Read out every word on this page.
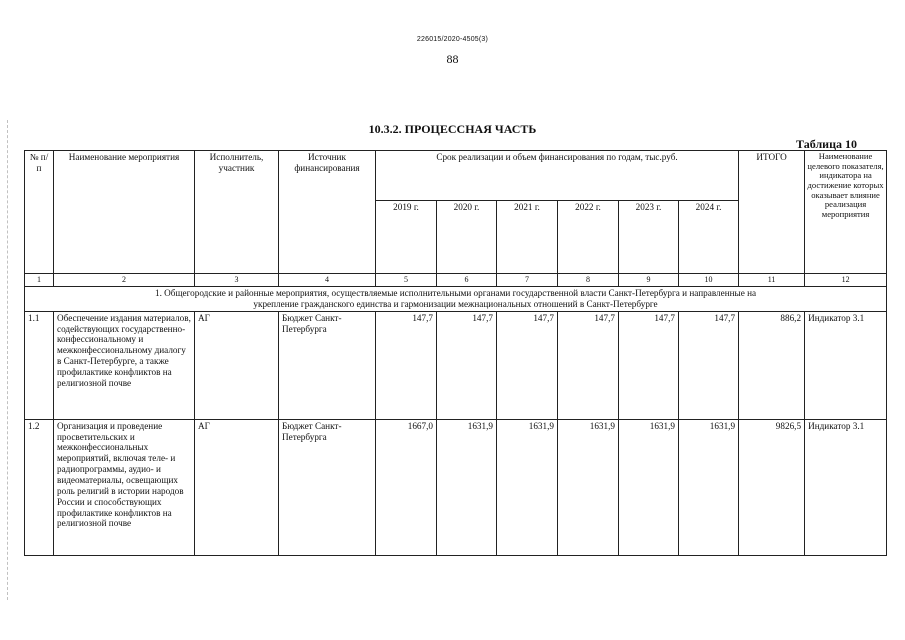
226015/2020-4505(3)
88
10.3.2. ПРОЦЕССНАЯ ЧАСТЬ
Таблица 10
№ п/п	Наименование мероприятия	Исполнитель, участник	Источник финансирования	Срок реализации и объем финансирования по годам, тыс.руб.						ИТОГО	Наименование целевого показателя, индикатора на достижение которых оказывает влияние реализация мероприятия
				2019 г.	2020 г.	2021 г.	2022 г.	2023 г.	2024 г.		
1	2	3	4	5	6	7	8	9	10	11	12
1. Общегородские и районные мероприятия, осуществляемые исполнительными органами государственной власти Санкт-Петербурга и направленные на укрепление гражданского единства и гармонизации межнациональных отношений в Санкт-Петербурге											
1.1	Обеспечение издания материалов, содействующих государственно-конфессиональному и межконфессиональному диалогу в Санкт-Петербурге, а также профилактике конфликтов на религиозной почве	АГ	Бюджет Санкт-Петербурга	147,7	147,7	147,7	147,7	147,7	147,7	886,2	Индикатор 3.1
1.2	Организация и проведение просветительских и межконфессиональных мероприятий, включая теле- и радиопрограммы, аудио- и видеоматериалы, освещающих роль религий в истории народов России и способствующих профилактике конфликтов на религиозной почве	АГ	Бюджет Санкт-Петербурга	1667,0	1631,9	1631,9	1631,9	1631,9	1631,9	9826,5	Индикатор 3.1
